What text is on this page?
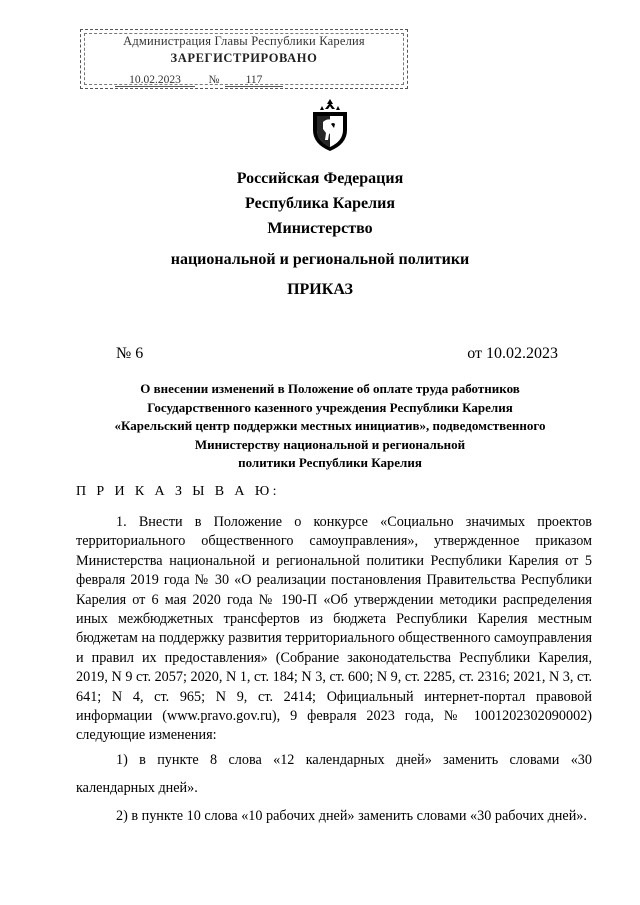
Администрация Главы Республики Карелия
ЗАРЕГИСТРИРОВАНО
10.02.2023 № 117
Российская Федерация
Республика Карелия
Министерство
национальной и региональной политики
ПРИКАЗ
№ 6	от 10.02.2023
О внесении изменений в Положение об оплате труда работников
Государственного казенного учреждения Республики Карелия
«Карельский центр поддержки местных инициатив», подведомственного
Министерству национальной и региональной
политики Республики Карелия
П Р И К А З Ы В А Ю:

1. Внести в Положение о конкурсе «Социально значимых проектов территориального общественного самоуправления», утвержденное приказом Министерства национальной и региональной политики Республики Карелия от 5 февраля 2019 года № 30 «О реализации постановления Правительства Республики Карелия от 6 мая 2020 года № 190-П «Об утверждении методики распределения иных межбюджетных трансфертов из бюджета Республики Карелия местным бюджетам на поддержку развития территориального общественного самоуправления и правил их предоставления» (Собрание законодательства Республики Карелия, 2019, N 9 ст. 2057; 2020, N 1, ст. 184; N 3, ст. 600; N 9, ст. 2285, ст. 2316; 2021, N 3, ст. 641; N 4, ст. 965; N 9, ст. 2414; Официальный интернет-портал правовой информации (www.pravo.gov.ru), 9 февраля 2023 года, № 1001202302090002) следующие изменения:

1) в пункте 8 слова «12 календарных дней» заменить словами «30 календарных дней».

2) в пункте 10 слова «10 рабочих дней» заменить словами «30 рабочих дней».
